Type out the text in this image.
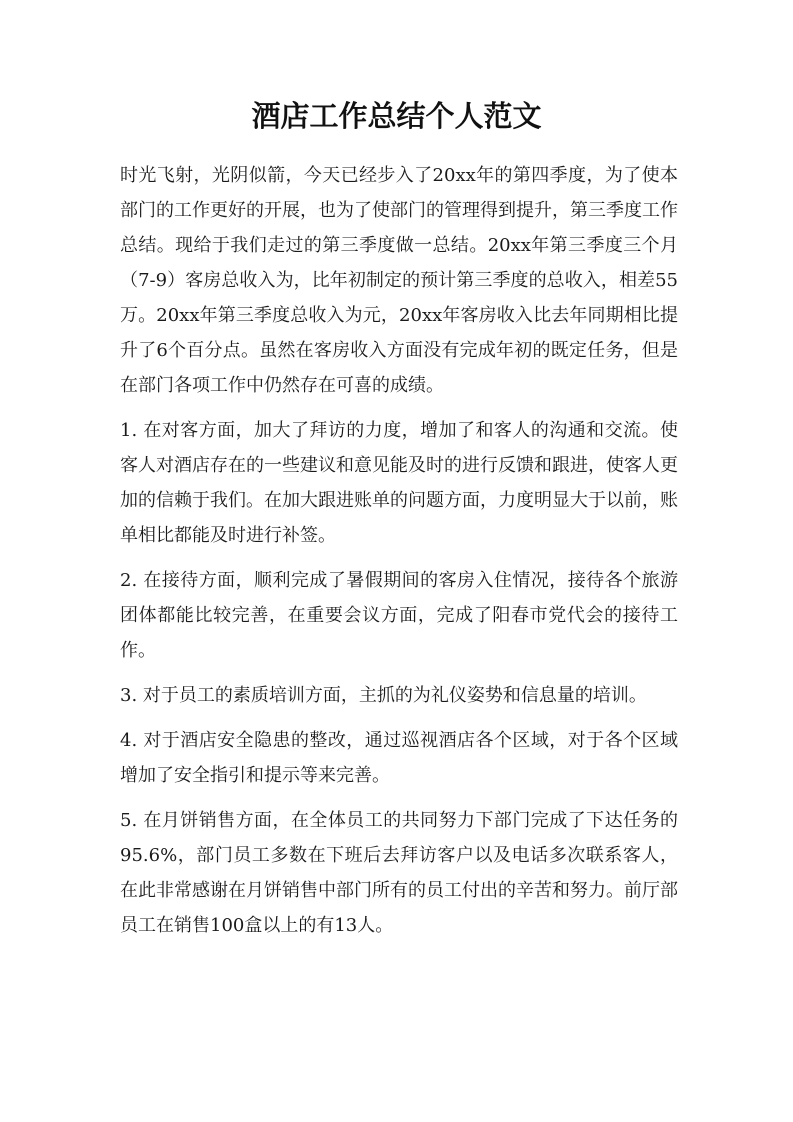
酒店工作总结个人范文

时光飞射，光阴似箭，今天已经步入了20xx年的第四季度，为了使本部门的工作更好的开展，也为了使部门的管理得到提升，第三季度工作总结。现给于我们走过的第三季度做一总结。20xx年第三季度三个月（7-9）客房总收入为，比年初制定的预计第三季度的总收入，相差55万。20xx年第三季度总收入为元，20xx年客房收入比去年同期相比提升了6个百分点。虽然在客房收入方面没有完成年初的既定任务，但是在部门各项工作中仍然存在可喜的成绩。

1. 在对客方面，加大了拜访的力度，增加了和客人的沟通和交流。使客人对酒店存在的一些建议和意见能及时的进行反馈和跟进，使客人更加的信赖于我们。在加大跟进账单的问题方面，力度明显大于以前，账单相比都能及时进行补签。

2. 在接待方面，顺利完成了暑假期间的客房入住情况，接待各个旅游团体都能比较完善，在重要会议方面，完成了阳春市党代会的接待工作。

3. 对于员工的素质培训方面，主抓的为礼仪姿势和信息量的培训。

4. 对于酒店安全隐患的整改，通过巡视酒店各个区域，对于各个区域增加了安全指引和提示等来完善。

5. 在月饼销售方面，在全体员工的共同努力下部门完成了下达任务的95.6%，部门员工多数在下班后去拜访客户以及电话多次联系客人，在此非常感谢在月饼销售中部门所有的员工付出的辛苦和努力。前厅部员工在销售100盒以上的有13人。
